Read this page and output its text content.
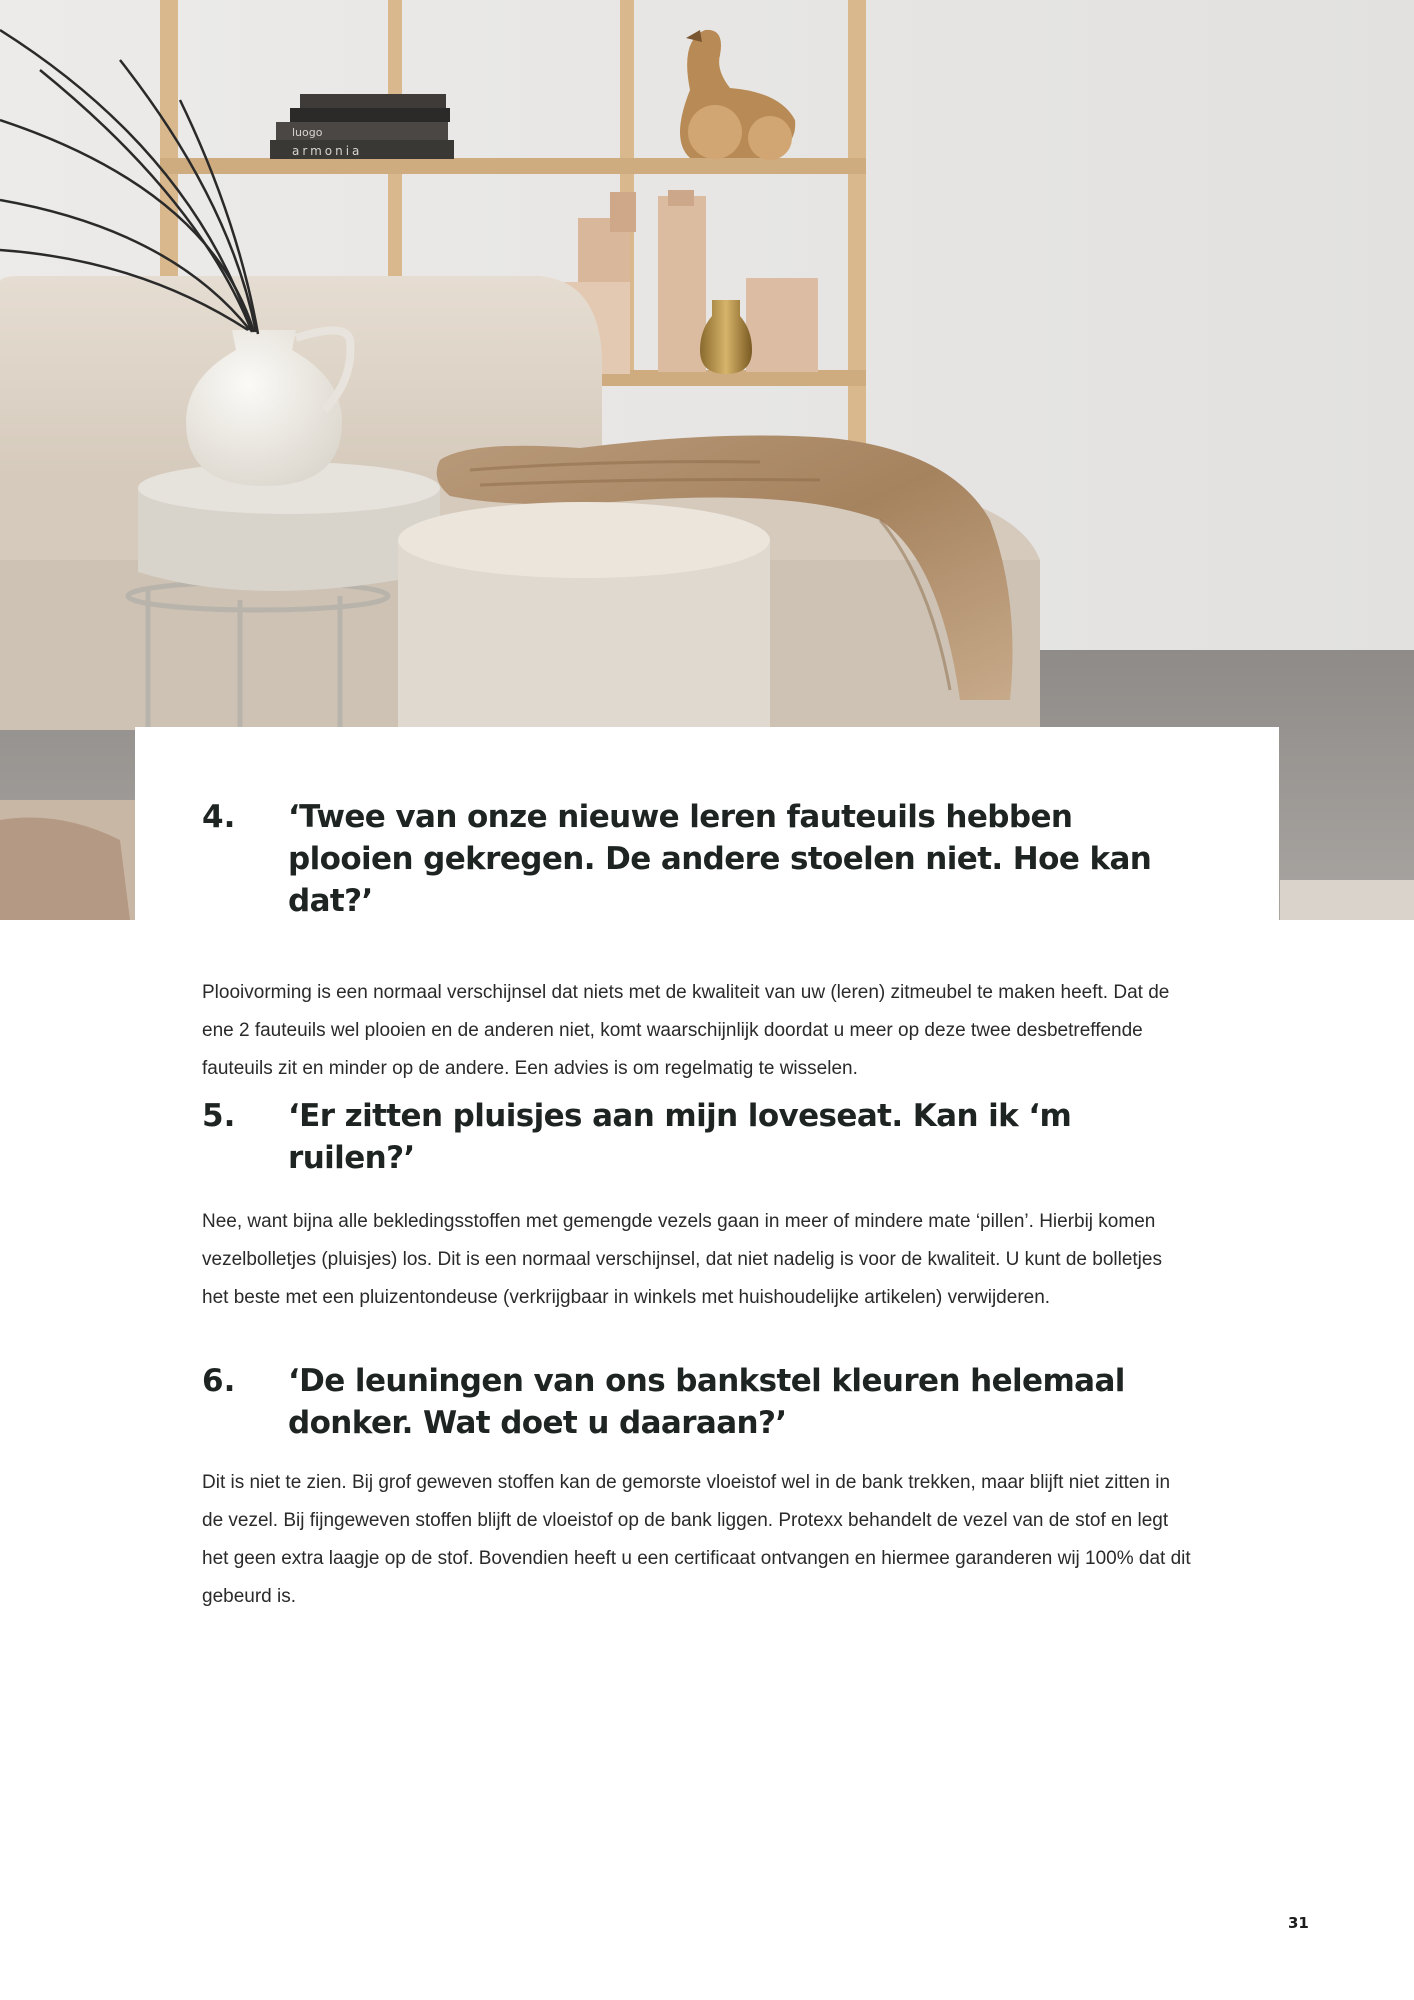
luogo
armonia
4. ‘Twee van onze nieuwe leren fauteuils hebben plooien gekregen. De andere stoelen niet. Hoe kan dat?’

Plooivorming is een normaal verschijnsel dat niets met de kwaliteit van uw (leren) zitmeubel te maken heeft. Dat de ene 2 fauteuils wel plooien en de anderen niet, komt waarschijnlijk doordat u meer op deze twee desbetreffende fauteuils zit en minder op de andere. Een advies is om regelmatig te wisselen.

5. ‘Er zitten pluisjes aan mijn loveseat. Kan ik ‘m ruilen?’

Nee, want bijna alle bekledingsstoffen met gemengde vezels gaan in meer of mindere mate ‘pillen’. Hierbij komen vezelbolletjes (pluisjes) los. Dit is een normaal verschijnsel, dat niet nadelig is voor de kwaliteit. U kunt de bolletjes het beste met een pluizentondeuse (verkrijgbaar in winkels met huishoudelijke artikelen) verwijderen.

6. ‘De leuningen van ons bankstel kleuren helemaal donker. Wat doet u daaraan?’

Dit is niet te zien. Bij grof geweven stoffen kan de gemorste vloeistof wel in de bank trekken, maar blijft niet zitten in de vezel. Bij fijngeweven stoffen blijft de vloeistof op de bank liggen. Protexx behandelt de vezel van de stof en legt het geen extra laagje op de stof. Bovendien heeft u een certificaat ontvangen en hiermee garanderen wij 100% dat dit gebeurd is.

31
